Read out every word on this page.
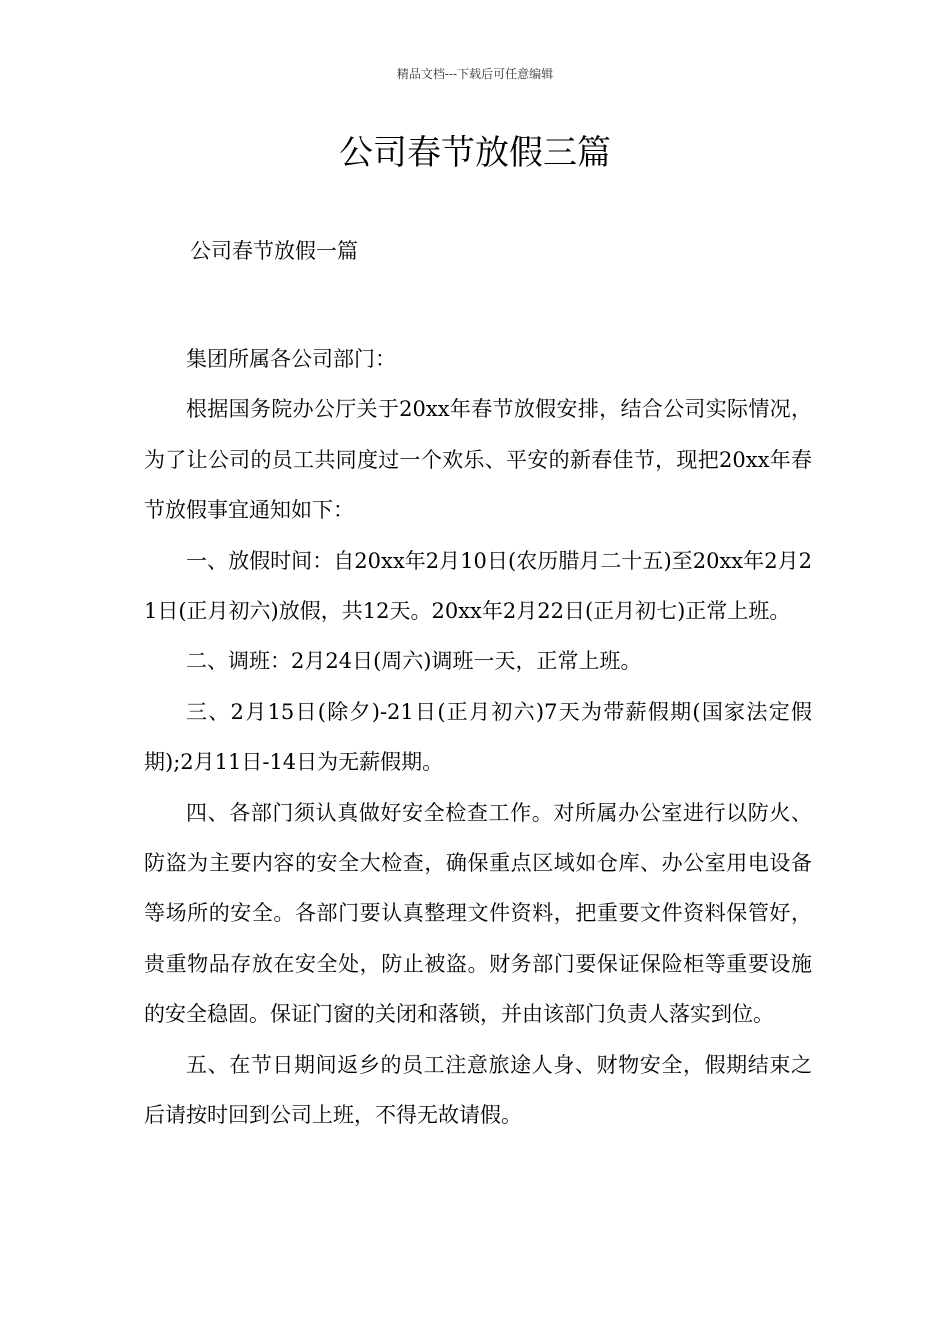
精品文档---下载后可任意编辑
公司春节放假三篇
公司春节放假一篇

集团所属各公司部门：

根据国务院办公厅关于20xx年春节放假安排，结合公司实际情况，为了让公司的员工共同度过一个欢乐、平安的新春佳节，现把20xx年春节放假事宜通知如下：

一、放假时间：自20xx年2月10日(农历腊月二十五)至20xx年2月21日(正月初六)放假，共12天。20xx年2月22日(正月初七)正常上班。

二、调班：2月24日(周六)调班一天，正常上班。

三、2月15日(除夕)-21日(正月初六)7天为带薪假期(国家法定假期);2月11日-14日为无薪假期。

四、各部门须认真做好安全检查工作。对所属办公室进行以防火、防盗为主要内容的安全大检查，确保重点区域如仓库、办公室用电设备等场所的安全。各部门要认真整理文件资料，把重要文件资料保管好，贵重物品存放在安全处，防止被盗。财务部门要保证保险柜等重要设施的安全稳固。保证门窗的关闭和落锁，并由该部门负责人落实到位。

五、在节日期间返乡的员工注意旅途人身、财物安全，假期结束之后请按时回到公司上班，不得无故请假。
